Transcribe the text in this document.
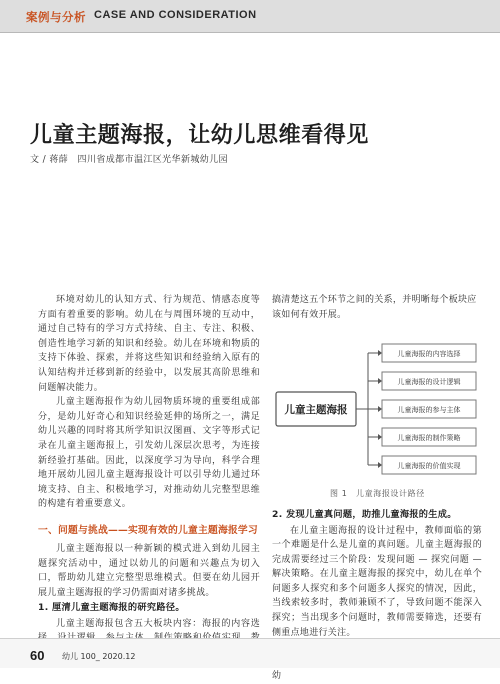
案例与分析 CASE AND CONSIDERATION
儿童主题海报，让幼儿思维看得见
文 / 蒋薛　四川省成都市温江区光华新城幼儿园

环境对幼儿的认知方式、行为规范、情感态度等方面有着重要的影响。幼儿在与周围环境的互动中，通过自己特有的学习方式持续、自主、专注、积极、创造性地学习新的知识和经验。幼儿在环境和物质的支持下体验、探索，并将这些知识和经验纳入原有的认知结构并迁移到新的经验中，以发展其高阶思维和问题解决能力。

儿童主题海报作为幼儿园物质环境的重要组成部分，是幼儿好奇心和知识经验延伸的场所之一，满足幼儿兴趣的同时将其所学知识汉图画、文字等形式记录在儿童主题海报上，引发幼儿深层次思考，为连接新经验打基础。因此，以深度学习为导向，科学合理地开展幼儿园儿童主题海报设计可以引导幼儿通过环境支持、自主、积极地学习，对推动幼儿完整型思维的构建有着重要意义。

一、问题与挑战——实现有效的儿童主题海报学习

儿童主题海报以一种新颖的模式进入到幼儿园主题探究活动中，通过以幼儿的问题和兴趣点为切入口，帮助幼儿建立完整型思维模式。但要在幼儿园开展儿童主题海报的学习仍需面对诸多挑战。

1. 厘清儿童主题海报的研究路径。

儿童主题海报包含五大板块内容：海报的内容选

搞清楚这五个环节之间的关系，并明晰每个板块应该如何有效开展。

儿童主题海报
儿童海报的内容选择
儿童海报的设计逻辑
儿童海报的参与主体
儿童海报的制作策略
儿童海报的价值实现
图 1　儿童海报设计路径
2. 发现儿童真问题，助推儿童海报的生成。

在儿童主题海报的设计过程中，教师面临的第一个难题是什么是儿童的真问题。儿童主题海报的完成需要经过三个阶段：发现问题 — 探究问题 — 解决策略。在儿童主题海报的探究中，幼儿在单个问题多人探究和多个问题多人探究的情况，因此，当线索较多时，教师兼顾不了，导致问题不能深入探究；当出现多个问题时，教师需要筛选，还要有侧重点地进行关注。

幼

60 幼儿 100_ 2020.12
